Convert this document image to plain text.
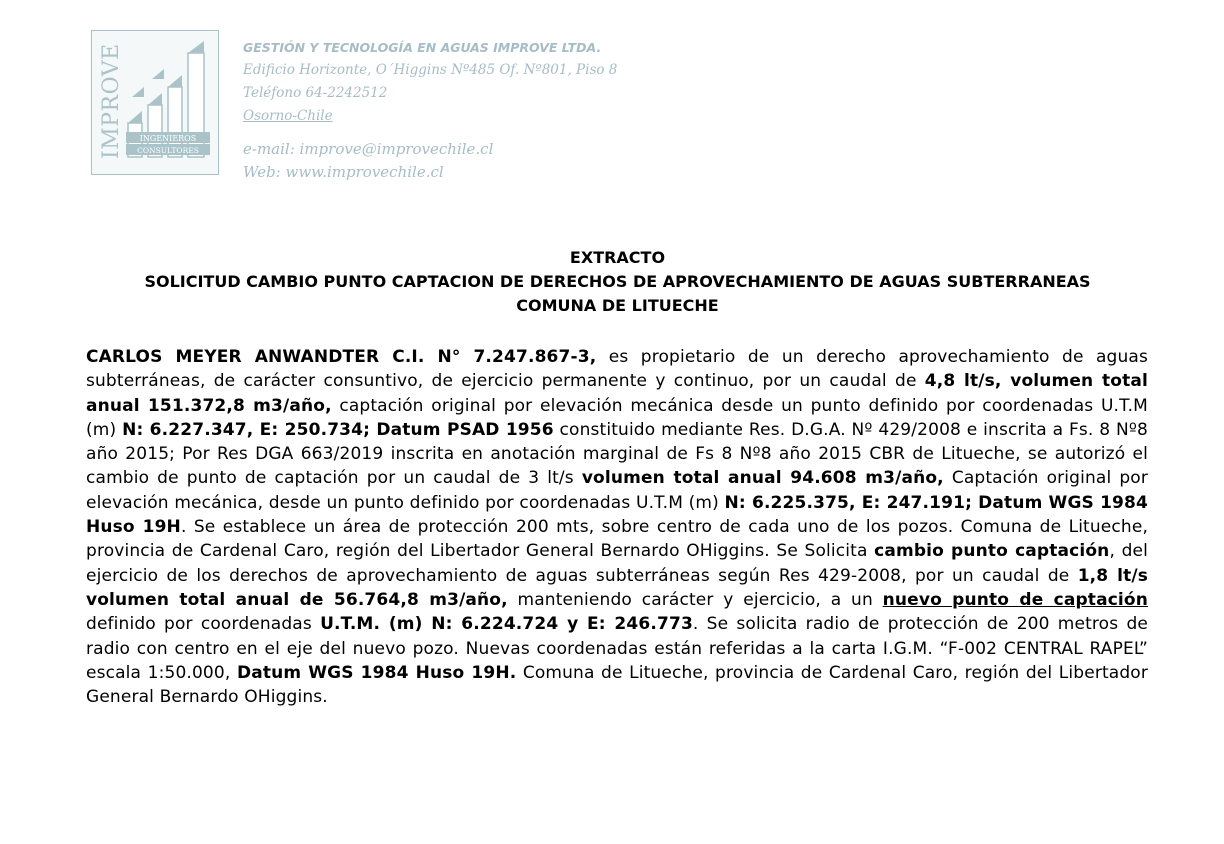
IMPROVE INGENIEROS
CONSULTORES
GESTIÓN Y TECNOLOGÍA EN AGUAS IMPROVE LTDA.
Edificio Horizonte, O´Higgins Nº485 Of. Nº801, Piso 8
Teléfono 64-2242512
Osorno-Chile
e-mail: improve@improvechile.cl
Web: www.improvechile.cl
EXTRACTO
SOLICITUD CAMBIO PUNTO CAPTACION DE DERECHOS DE APROVECHAMIENTO DE AGUAS SUBTERRANEAS
COMUNA DE LITUECHE
CARLOS MEYER ANWANDTER C.I. N° 7.247.867-3, es propietario de un derecho aprovechamiento de aguas subterráneas, de carácter consuntivo, de ejercicio permanente y continuo, por un caudal de 4,8 lt/s, volumen total anual 151.372,8 m3/año, captación original por elevación mecánica desde un punto definido por coordenadas U.T.M (m) N: 6.227.347, E: 250.734; Datum PSAD 1956 constituido mediante Res. D.G.A. Nº 429/2008 e inscrita a Fs. 8 Nº8 año 2015; Por Res DGA 663/2019 inscrita en anotación marginal de Fs 8 Nº8 año 2015 CBR de Litueche, se autorizó el cambio de punto de captación por un caudal de 3 lt/s volumen total anual 94.608 m3/año, Captación original por elevación mecánica, desde un punto definido por coordenadas U.T.M (m) N: 6.225.375, E: 247.191; Datum WGS 1984 Huso 19H. Se establece un área de protección 200 mts, sobre centro de cada uno de los pozos. Comuna de Litueche, provincia de Cardenal Caro, región del Libertador General Bernardo OHiggins. Se Solicita cambio punto captación, del ejercicio de los derechos de aprovechamiento de aguas subterráneas según Res 429-2008, por un caudal de 1,8 lt/s volumen total anual de 56.764,8 m3/año, manteniendo carácter y ejercicio, a un nuevo punto de captación definido por coordenadas U.T.M. (m) N: 6.224.724 y E: 246.773. Se solicita radio de protección de 200 metros de radio con centro en el eje del nuevo pozo. Nuevas coordenadas están referidas a la carta I.G.M. “F-002 CENTRAL RAPEL” escala 1:50.000, Datum WGS 1984 Huso 19H. Comuna de Litueche, provincia de Cardenal Caro, región del Libertador General Bernardo OHiggins.
